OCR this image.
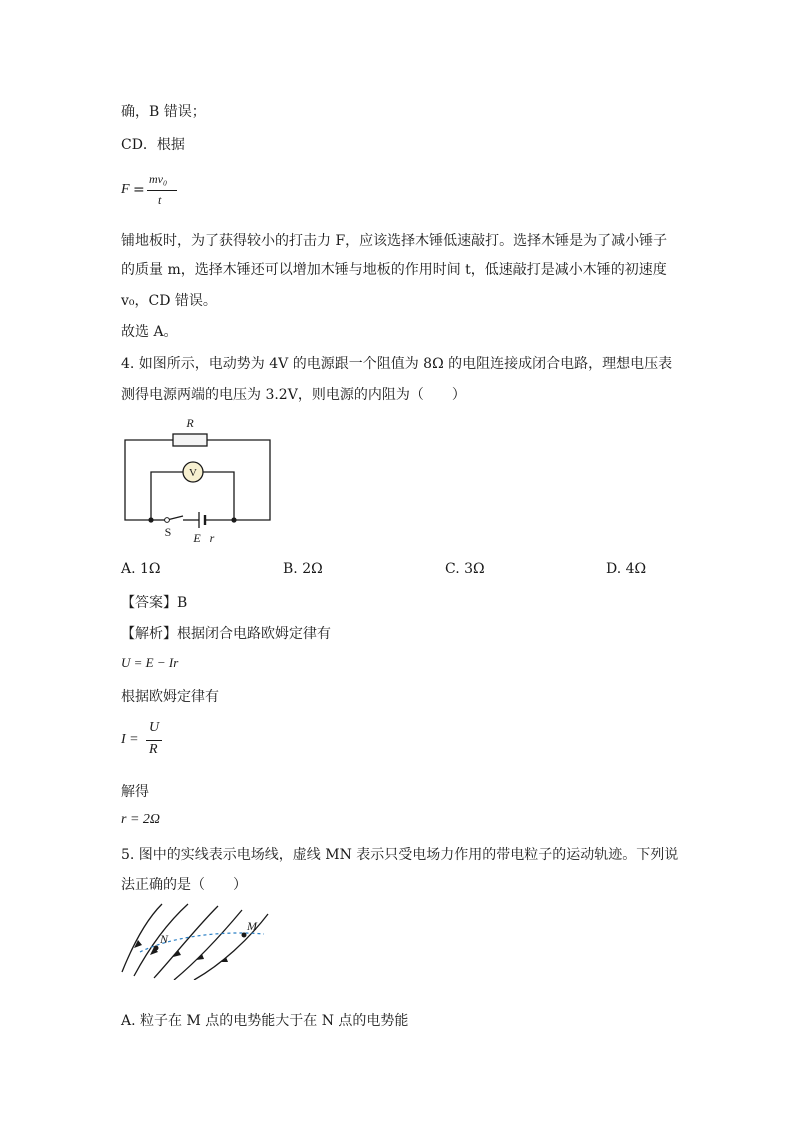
确，B 错误；
CD．根据
F =
mv₀
t
铺地板时，为了获得较小的打击力 F，应该选择木锤低速敲打。选择木锤是为了减小锤子
的质量 m，选择木锤还可以增加木锤与地板的作用时间 t，低速敲打是减小木锤的初速度
v₀，CD 错误。
故选 A。
4. 如图所示，电动势为 4V 的电源跟一个阻值为 8Ω 的电阻连接成闭合电路，理想电压表
测得电源两端的电压为 3.2V，则电源的内阻为（　　）
R
V
S E r
A. 1Ω	B. 2Ω	C. 3Ω	D. 4Ω
【答案】B
【解析】根据闭合电路欧姆定律有
U = E − Ir
根据欧姆定律有
I =
U
R
解得
r = 2Ω
5. 图中的实线表示电场线，虚线 MN 表示只受电场力作用的带电粒子的运动轨迹。下列说
法正确的是（　　）
N
M
A. 粒子在 M 点的电势能大于在 N 点的电势能
